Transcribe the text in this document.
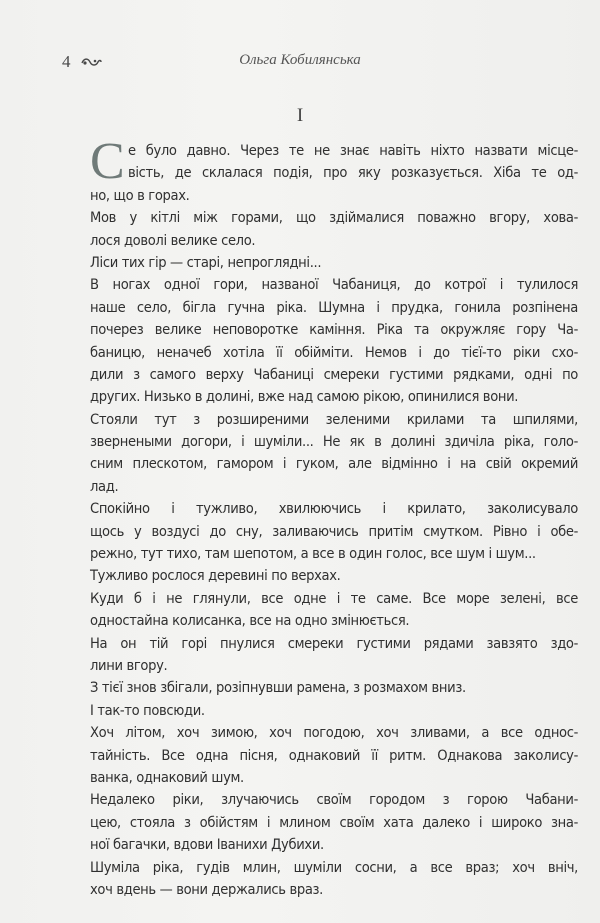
4	Ольга Кобилянська
I
С е було давно. Через те не знає навіть ніхто назвати місце-
вість, де склалася подія, про яку розказується. Хіба те од-
но, що в горах.
Мов у кітлі між горами, що здіймалися поважно вгору, хова-
лося доволі велике село.
Ліси тих гір — старі, непроглядні...
В ногах одної гори, названої Чабаниця, до котрої і тулилося
наше село, бігла гучна ріка. Шумна і прудка, гонила розпінена
почерез велике неповоротке каміння. Ріка та окружляє гору Ча-
баницю, неначеб хотіла її обійміти. Немов і до тієї-то ріки схо-
дили з самого верху Чабаниці смереки густими рядками, одні по
других. Низько в долині, вже над самою рікою, опинилися вони.
Стояли тут з розширеними зеленими крилами та шпилями,
звернеными догори, і шуміли... Не як в долині здичіла ріка, голо-
сним плескотом, гамором і гуком, але відмінно і на свій окремий
лад.
Спокійно і тужливо, хвилюючись і крилато, заколисувало
щось у воздусі до сну, заливаючись притім смутком. Рівно і обе-
режно, тут тихо, там шепотом, а все в один голос, все шум і шум...
Тужливо рослося деревині по верхах.
Куди б і не глянули, все одне і те саме. Все море зелені, все
одностайна колисанка, все на одно змінюється.
На он тій горі пнулися смереки густими рядами завзято здо-
лини вгору.
З тієї знов збігали, розіпнувши рамена, з розмахом вниз.
І так-то повсюди.
Хоч літом, хоч зимою, хоч погодою, хоч зливами, а все однос-
тайність. Все одна пісня, однаковий її ритм. Однакова заколису-
ванка, однаковий шум.
Недалеко ріки, злучаючись своїм городом з горою Чабани-
цею, стояла з обійстям і млином своїм хата далеко і широко зна-
ної багачки, вдови Іванихи Дубихи.
Шуміла ріка, гудів млин, шуміли сосни, а все враз; хоч вніч,
хоч вдень — вони держались враз.
